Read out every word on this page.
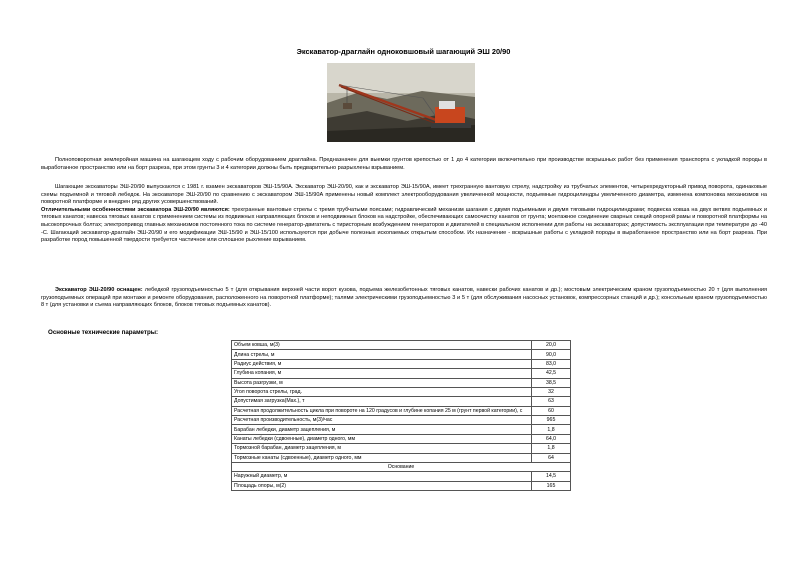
Экскаватор-драглайн одноковшовый шагающий ЭШ 20/90

Полноповоротная землеройная машина на шагающем ходу с рабочим оборудованием драглайна. Предназначен для выемки грунтов крепостью от 1 до 4 категории включительно при производстве вскрышных работ без применения транспорта с укладкой породы в выработанное пространство или на борт разреза, при этом грунты 3 и 4 категории должны быть предварительно разрыхлены взрыванием.

Шагающие экскаваторы ЭШ-20/90 выпускаются с 1981 г. взамен экскаваторов ЭШ-15/90А. Экскаватор ЭШ-20/90, как и экскаватор ЭШ-15/90А, имеет трехгранную вантовую стрелу, надстройку из трубчатых элементов, четырехредукторный привод поворота, одинаковые схемы подъемной и тяговой лебедок. На экскаваторе ЭШ-20/90 по сравнению с экскаватором ЭШ-15/90А применены новый комплект электрооборудования увеличенной мощности, подъемные гидроцилиндры увеличенного диаметра, изменена компоновка механизмов на поворотной платформе и внедрен ряд других усовершенствований.
Отличительными особенностями экскаватора ЭШ-20/90 являются: трехгранные вантовые стрелы с тремя трубчатыми поясами; гидравлический механизм шагания с двумя подъемными и двумя тяговыми гидроцилиндрами; подвеска ковша на двух ветвях подъемных и тяговых канатов; навеска тяговых канатов с применением системы из подвижных направляющих блоков и неподвижных блоков на надстройке, обеспечивающих самоочистку канатов от грунта; монтажное соединение сварных секций опорной рамы и поворотной платформы на высокопрочных болтах; электропривод главных механизмов постоянного тока по системе генератор-двигатель с тиристорным возбуждением генераторов и двигателей в специальном исполнении для работы на экскаваторах; допустимость эксплуатации при температуре до -40 -С. Шагающий экскаватор-драглайн ЭШ-20/90 и его модификации ЭШ-15/90 и ЭШ-15/100 используются при добыче полезных ископаемых открытым способом. Их назначение - вскрышные работы с укладкой породы в выработанное пространство или на борт разреза. При разработке пород повышенной твердости требуется частичное или сплошное рыхление взрыванием.

Экскаватор ЭШ-20/90 оснащен: лебедкой грузоподъемностью 5 т (для открывания верхней части ворот кузова, подъема железобетонных тяговых канатов, навески рабочих канатов и др.); мостовым электрическим краном грузоподъемностью 20 т (для выполнения грузоподъемных операций при монтаже и ремонте оборудования, расположенного на поворотной платформе); талями электрическими грузоподъемностью 3 и 5 т (для обслуживания насосных установок, компрессорных станций и др.); консольным краном грузоподъемностью 8 т (для установки и съема направляющих блоков, блоков тяговых подъемных канатов).

Основные технические параметры:
Объем ковша, м(3)	20,0
Длина стрелы, м	90,0
Радиус действия, м	83,0
Глубина копания, м	42,5
Высота разгрузки, м	38,5
Угол поворота стрелы, град.	32
Допустимая загрузка(Max.), т	63
Расчетная продолжительность цикла при повороте на 120 градусов и глубине копания 25 м (грунт первой категории), с	60
Расчетная производительность, м(3)/час	965
Барабан лебедки, диаметр зацепления, м	1,8
Канаты лебедки (сдвоенные), диаметр одного, мм	64,0
Тормозной барабан, диаметр зацепления, м	1,8
Тормозные канаты (сдвоенные), диаметр одного, мм	64
Основание	
Наружный диаметр, м	14,5
Площадь опоры, м(2)	165
